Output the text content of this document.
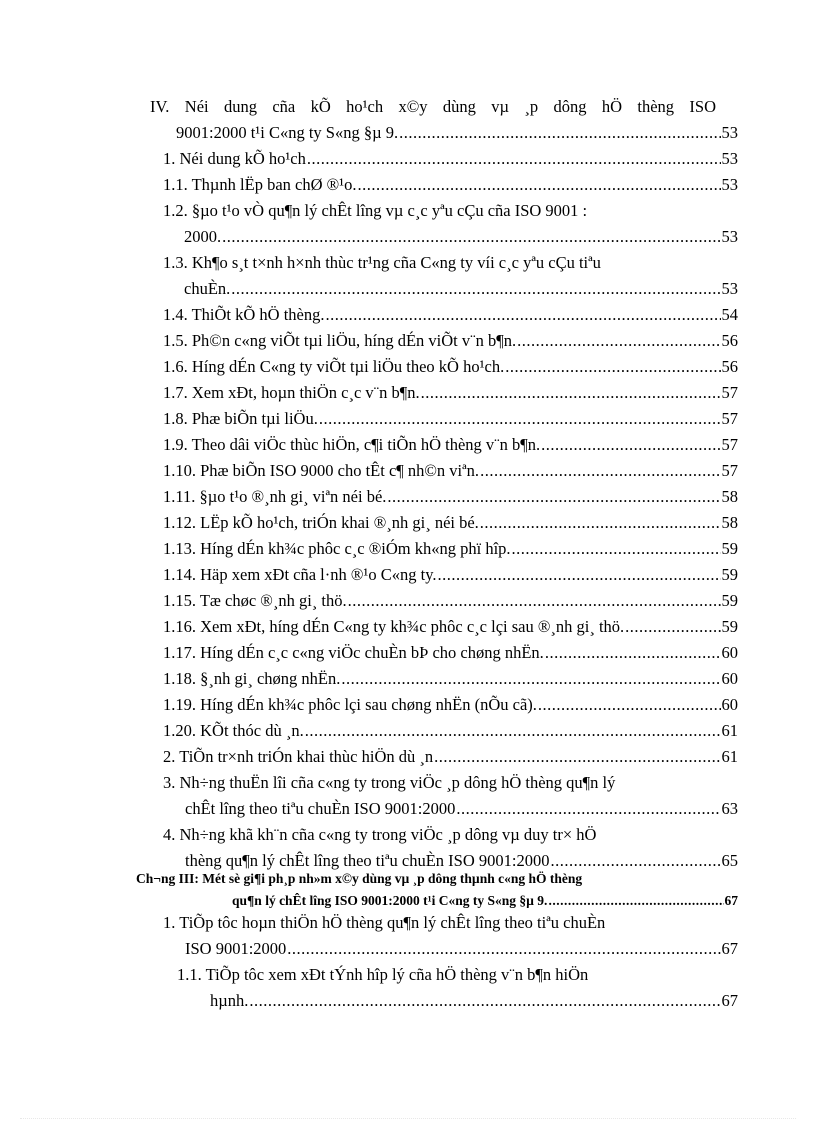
IV. Néi dung cña kÕ ho¹ch x©y dùng vµ ¸p dông hÖ thèng ISO
9001:2000 t¹i C«ng ty S«ng §µ 9. .....	53
1. Néi dung kÕ ho¹ch .....	53
1.1. Thµnh lËp ban chØ ®¹o. .....	53
1.2. §µo t¹o vÒ qu¶n lý chÊt lîng vµ c¸c yªu cÇu cña ISO 9001 :
2000. .....	53
1.3. Kh¶o s¸t t×nh h×nh thùc tr¹ng cña C«ng ty víi c¸c yªu cÇu tiªu
chuÈn. .....	53
1.4. ThiÕt kÕ hÖ thèng. .....	54
1.5. Ph©n c«ng viÕt tµi liÖu, híng dÉn viÕt v¨n b¶n. .....	56
1.6. Híng dÉn C«ng ty viÕt tµi liÖu theo kÕ ho¹ch. .....	56
1.7. Xem xÐt, hoµn thiÖn c¸c v¨n b¶n. .....	57
1.8. Phæ biÕn tµi liÖu. .....	57
1.9. Theo dâi viÖc thùc hiÖn, c¶i tiÕn hÖ thèng v¨n b¶n. .....	57
1.10. Phæ biÕn ISO 9000 cho tÊt c¶ nh©n viªn. .....	57
1.11. §µo t¹o ®¸nh gi¸ viªn néi bé. .....	58
1.12. LËp kÕ ho¹ch, triÓn khai ®¸nh gi¸ néi bé. .....	58
1.13. Híng dÉn kh¾c phôc c¸c ®iÓm kh«ng phï hîp. .....	59
1.14. Häp xem xÐt cña l·nh ®¹o C«ng ty. .....	59
1.15. Tæ chøc ®¸nh gi¸ thö. .....	59
1.16. Xem xÐt, híng dÉn C«ng ty kh¾c phôc c¸c lçi sau ®¸nh gi¸ thö. .....	59
1.17. Híng dÉn c¸c c«ng viÖc chuÈn bÞ cho chøng nhËn. .....	60
1.18. §¸nh gi¸ chøng nhËn. .....	60
1.19. Híng dÉn kh¾c phôc lçi sau chøng nhËn (nÕu cã). .....	60
1.20. KÕt thóc dù ¸n. .....	61
2. TiÕn tr×nh triÓn khai thùc hiÖn dù ¸n .....	61
3. Nh÷ng thuËn lîi cña c«ng ty trong viÖc ¸p dông hÖ thèng qu¶n lý
chÊt lîng theo tiªu chuÈn ISO 9001:2000 .....	63
4. Nh÷ng khã kh¨n cña c«ng ty trong viÖc ¸p dông vµ duy tr× hÖ
thèng qu¶n lý chÊt lîng theo tiªu chuÈn ISO 9001:2000 .....	65
Ch¬ng III: Mét sè gi¶i ph¸p nh»m x©y dùng vµ ¸p dông thµnh c«ng hÖ thèng
qu¶n lý chÊt lîng ISO 9001:2000 t¹i C«ng ty S«ng §µ 9. .....	67
1. TiÕp tôc hoµn thiÖn hÖ thèng qu¶n lý chÊt lîng theo tiªu chuÈn
ISO 9001:2000 .....	67
1.1. TiÕp tôc xem xÐt tÝnh hîp lý cña hÖ thèng v¨n b¶n hiÖn
hµnh. .....	67
